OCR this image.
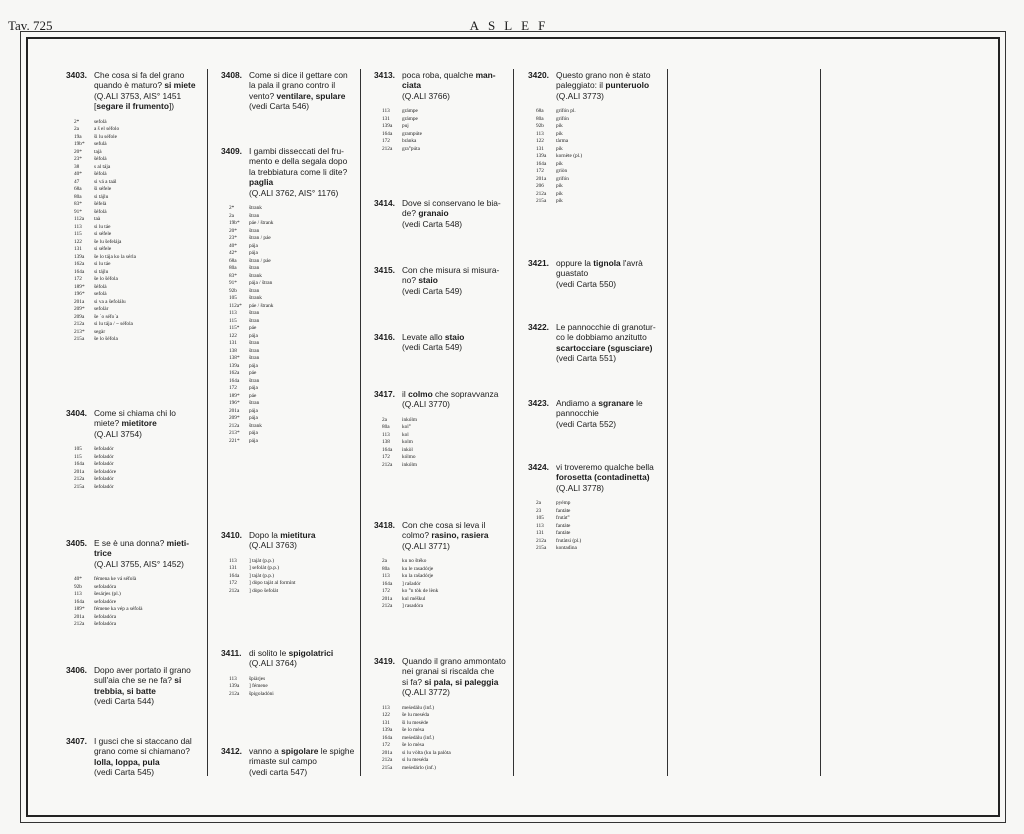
Tav. 725	ASLEF
3403. Che cosa si fa del grano
quando è maturo? si miete
(Q.ALI 3753, AIS° 1451
[segare il frumento])
2*	sefolà
2a	a š el séfolo
19a ši lu séfole
19b* sefulà
20* tajà
23* šéfolà
38	s al tája
40* šéfolà
47	si vá a taál
68a ši séfele
80a si tájlu
83* šéfelà
91* šéfolà
112a taà
113 si lu táe
115 si séfele
122 še lu šefelája
131 si séfele
139a še lo tája ko la sérla
162a si lu táe
164a si tájlu
172 še lo šéfola
189* šéfolà
196* sefolà
201a si va a šefolálu
209* sefolàr
209a še ˈo séfoˈa
212a si lu tája / ~ séfola
213* segàr
215a še lo šéfola
3404. Come si chiama chi lo
miete? mietitore
(Q.ALI 3754)
105 šefoladór
115 šefoladór
164a šefoladór
201a šefoladóre
212a šefoladór
215a šefoladór
3405. E se è una donna? mieti-
trice
(Q.ALI 3755, AIS° 1452)
40* fémena ke vá séfolà
92b sefoladóra
113 šesárjes (pl.)
164a sefoladóre
189* fémene ka vép a séfolà
201a šefoladóra
212a šefoladóra
3406. Dopo aver portato il grano
sull'aia che se ne fa? si
trebbia, si batte
(vedi Carta 544)
3407. I gusci che si staccano dal
grano come si chiamano?
lolla, loppa, pula
(vedi Carta 545)
3408. Come si dice il gettare con
la pala il grano contro il
vento? ventilare, spulare
(vedi Carta 546)
3409. I gambi disseccati del fru-
mento e della segala dopo
la trebbiatura come li dite?
paglia
(Q.ALI 3762, AIS° 1176)
2*	štrank
2a	štran
19b* páe / štrank
20* štran
23* štran / páe
40* pája
42* pája
68a štran / páe
80a štran
83* štrank
91* pája / štran
92b štran
105 štrank
112a* páe / štrank
113 štran
115 štran
115* páe
122 pája
131 štran
138 štran
138* štran
139a pája
162a páe
164a štran
172 pája
189* páe
196* štran
201a pája
209* pája
212a štrank
213* pája
221* pája
3410. Dopo la mietitura
(Q.ALI 3763)
113 ] tajàt (p.p.)
131 ] sefolàt (p.p.)
164a ] tajàt (p.p.)
172 ] dòpo tajàt al formìnt
212a ] dòpo šefolàt
3411. di solito le spigolatrici
(Q.ALI 3764)
113 špiàrjes
139a ] fémene
212a špigoladóni
3412. vanno a spigolare le spighe
rimaste sul campo
(vedi carta 547)
3413. poca roba, qualche man-
ciata
(Q.ALI 3766)
113 grámpe
131 grámpe
139a puj
164a grampúte
172 brànka
212a gra°púta
3414. Dove si conservano le bia-
de? granaio
(vedi Carta 548)
3415. Con che misura si misura-
no? staio
(vedi Carta 549)
3416. Levate allo staio
(vedi Carta 549)
3417. il colmo che sopravvanza
(Q.ALI 3770)
2a	inkólm
80a kol°
113 kol
138 kolm
164a inkòl
172 kólmo
212a inkólm
3418. Con che cosa si leva il
colmo? rasino, rasiera
(Q.ALI 3771)
2a	ku no štéko
80a ku le rasadórje
113 ku la rašadórje
164a ] rašadór
172 ko °n tòk de lènk
201a kul méškul
212a ] rasadóra
3419. Quando il grano ammontato
nei granai si riscalda che
si fa? si pala, si paleggia
(Q.ALI 3772)
113 meśedálu (inf.)
122 še lu meséda
131 ši lu mesède
139a še lo mèsa
164a meśedálu (inf.)
172 še lo mèsa
201a si lu vòlta (ku la palòta
212a si lu meséda
215a meśedárlo (inf.)
3420. Questo grano non è stato
paleggiato: il punteruolo
(Q.ALI 3773)
68a grifón pl.
80a grifón
92b pik
113 pik
122 tàrma
131 pik
139a kornète (pl.)
164a pik
172 griòn
201a grifón
206 pik
212a pik
215a pik
3421. oppure la tignola l'avrà
guastato
(vedi Carta 550)
3422. Le pannocchie di granotur-
co le dobbiamo anzitutto
scartocciare (sgusciare)
(vedi Carta 551)
3423. Andiamo a sgranare le
pannocchie
(vedi Carta 552)
3424. vi troveremo qualche bella
forosetta (contadinetta)
(Q.ALI 3778)
2a	pyémp
23	fantàte
105 frutàt°
113 fantàte
131 fantàte
212a frutàtsi (pl.)
215a kontadìna
